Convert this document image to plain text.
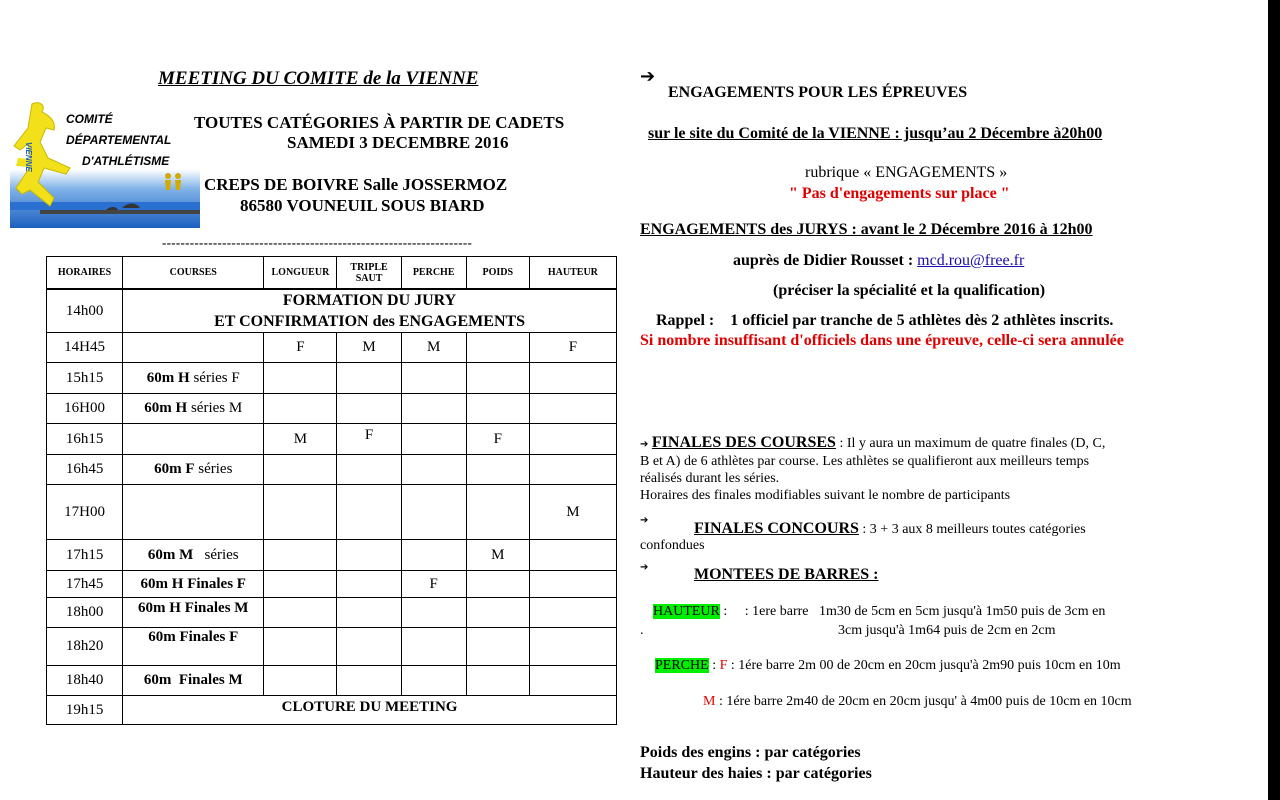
MEETING DU COMITE de la VIENNE
COMITÉ
DÉPARTEMENTAL
D'ATHLÉTISME
VIENNE
TOUTES CATÉGORIES À PARTIR DE CADETS
SAMEDI 3 DECEMBRE 2016
CREPS DE BOIVRE Salle JOSSERMOZ
86580 VOUNEUIL SOUS BIARD
-------------------------------------------------------------------
HORAIRES	COURSES	LONGUEUR	TRIPLE SAUT	PERCHE	POIDS	HAUTEUR
14h00	FORMATION DU JURY
ET CONFIRMATION des ENGAGEMENTS					

14H45		F	M	M		F
15h15	60m H séries F					
16H00	60m H séries M					
16h15		M	F		F	
16h45	60m F séries					
17H00						M
17h15	60m M   séries				M	
17h45	60m H Finales F			F		
18h00	60m H Finales M					
18h20	60m Finales F					
18h40	60m  Finales M					
19h15	CLOTURE DU MEETING					
➔
ENGAGEMENTS POUR LES ÉPREUVES
sur le site du Comité de la VIENNE : jusqu’au 2 Décembre à20h00
rubrique « ENGAGEMENTS »
" Pas d'engagements sur place "
ENGAGEMENTS des JURYS : avant le 2 Décembre 2016 à 12h00
auprès de Didier Rousset : mcd.rou@free.fr
(préciser la spécialité et la qualification)
Rappel :    1 officiel par tranche de 5 athlètes dès 2 athlètes inscrits.
Si nombre insuffisant d'officiels dans une épreuve, celle-ci sera annulée
➔ FINALES DES COURSES : Il y aura un maximum de quatre finales (D, C,
B et A) de 6 athlètes par course. Les athlètes se qualifieront aux meilleurs temps
réalisés durant les séries.
Horaires des finales modifiables suivant le nombre de participants
➔	FINALES CONCOURS : 3 + 3 aux 8 meilleurs toutes catégories
confondues
➔	MONTEES DE BARRES :
HAUTEUR :     : 1ere barre   1m30 de 5cm en 5cm jusqu'à 1m50 puis de 3cm en
.	3cm jusqu'à 1m64 puis de 2cm en 2cm
PERCHE : F : 1ére barre 2m 00 de 20cm en 20cm jusqu'à 2m90 puis 10cm en 10m
M : 1ére barre 2m40 de 20cm en 20cm jusqu' à 4m00 puis de 10cm en 10cm
Poids des engins : par catégories
Hauteur des haies : par catégories
